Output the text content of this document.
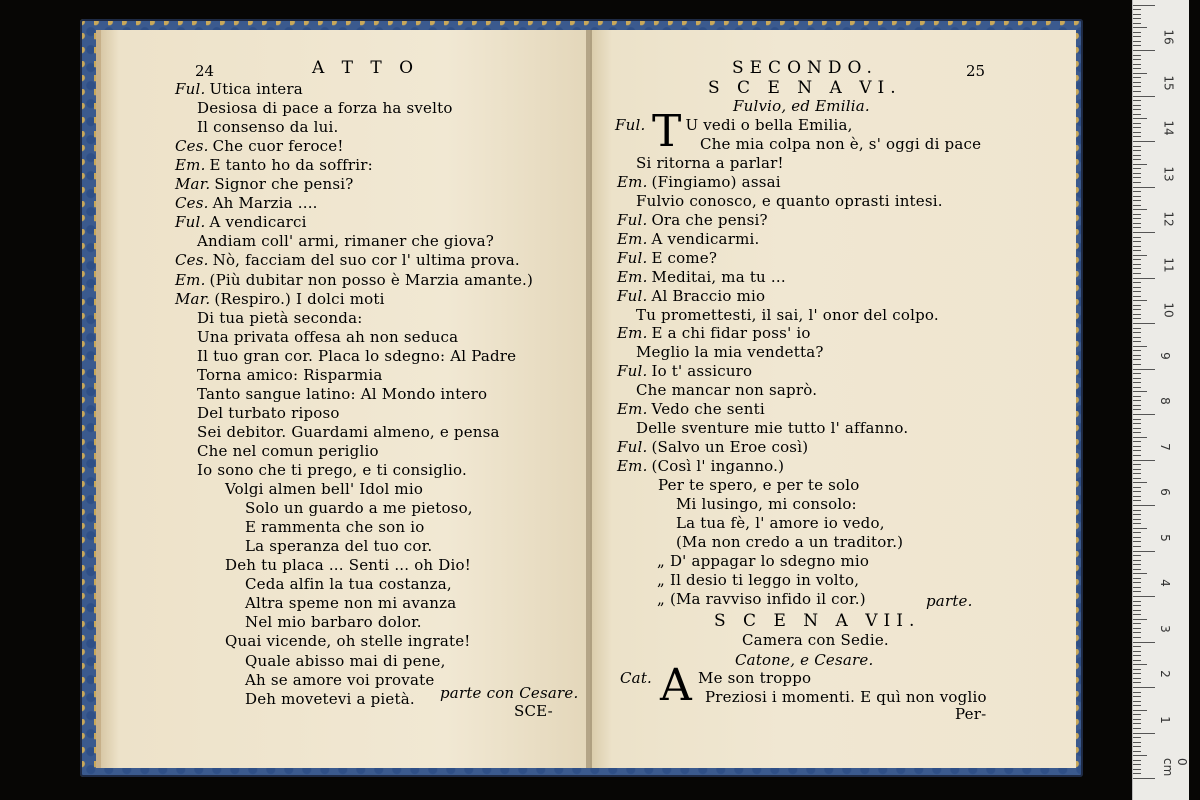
24	A T T O
Ful. Utica intera
Desiosa di pace a forza ha svelto
Il consenso da lui.
Ces. Che cuor feroce!
Em. E tanto ho da soffrir:
Mar. Signor che pensi?
Ces. Ah Marzia ....
Ful. A vendicarci
Andiam coll' armi, rimaner che giova?
Ces. Nò, facciam del suo cor l' ultima prova.
Em. (Più dubitar non posso è Marzia amante.)
Mar. (Respiro.) I dolci moti
Di tua pietà seconda:
Una privata offesa ah non seduca
Il tuo gran cor. Placa lo sdegno: Al Padre
Torna amico: Risparmia
Tanto sangue latino: Al Mondo intero
Del turbato riposo
Sei debitor. Guardami almeno, e pensa
Che nel comun periglio
Io sono che ti prego, e ti consiglio.
Volgi almen bell' Idol mio
Solo un guardo a me pietoso,
E rammenta che son io
La speranza del tuo cor.
Deh tu placa ... Senti ... oh Dio!
Ceda alfin la tua costanza,
Altra speme non mi avanza
Nel mio barbaro dolor.
Quai vicende, oh stelle ingrate!
Quale abisso mai di pene,
Ah se amore voi provate
Deh movetevi a pietà. parte con Cesare.
SCE-
SECONDO.	25
S C E N A VI.
Fulvio, ed Emilia.
T
Ful.	U vedi o bella Emilia,
Che mia colpa non è, s' oggi di pace
Si ritorna a parlar!
Em. (Fingiamo) assai
Fulvio conosco, e quanto oprasti intesi.
Ful. Ora che pensi?
Em. A vendicarmi.
Ful. E come?
Em. Meditai, ma tu ...
Ful. Al Braccio mio
Tu promettesti, il sai, l' onor del colpo.
Em. E a chi fidar poss' io
Meglio la mia vendetta?
Ful. Io t' assicuro
Che mancar non saprò.
Em. Vedo che senti
Delle sventure mie tutto l' affanno.
Ful. (Salvo un Eroe così)
Em. (Così l' inganno.)
Per te spero, e per te solo
Mi lusingo, mi consolo:
La tua fè, l' amore io vedo,
(Ma non credo a un traditor.)
„ D' appagar lo sdegno mio
„ Il desio ti leggo in volto,
„ (Ma ravviso infido il cor.)	parte.
S C E N A VII.
Camera con Sedie.
Catone, e Cesare.
A
Cat.	Me son troppo
Preziosi i momenti. E quì non voglio
Per-
0 cm
1
2
3
4
5
6
7
8
9
10
11
12
13
14
15
16
